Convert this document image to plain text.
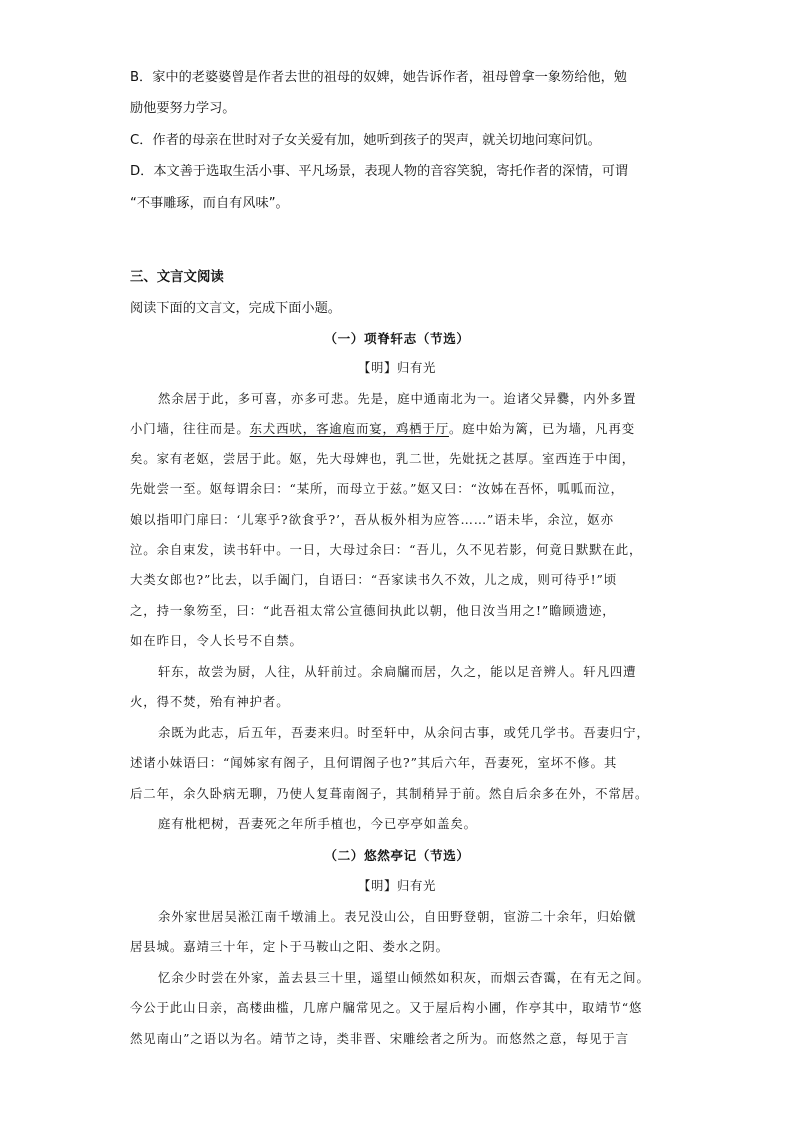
B．家中的老婆婆曾是作者去世的祖母的奴婢，她告诉作者，祖母曾拿一象笏给他，勉
励他要努力学习。
C．作者的母亲在世时对子女关爱有加，她听到孩子的哭声，就关切地问寒问饥。
D．本文善于选取生活小事、平凡场景，表现人物的音容笑貌，寄托作者的深情，可谓
“不事雕琢，而自有风味”。
三、文言文阅读
阅读下面的文言文，完成下面小题。
（一）项脊轩志（节选）
【明】归有光
然余居于此，多可喜，亦多可悲。先是，庭中通南北为一。迨诸父异爨，内外多置
小门墙，往往而是。东犬西吠，客逾庖而宴，鸡栖于厅。庭中始为篱，已为墙，凡再变
矣。家有老妪，尝居于此。妪，先大母婢也，乳二世，先妣抚之甚厚。室西连于中闺，
先妣尝一至。妪每谓余曰：“某所，而母立于兹。”妪又曰：“汝姊在吾怀，呱呱而泣，
娘以指叩门扉曰：‘儿寒乎?欲食乎?’，吾从板外相为应答……”语未毕，余泣，妪亦
泣。余自束发，读书轩中。一日，大母过余曰：“吾儿，久不见若影，何竟日默默在此，
大类女郎也?”比去，以手阖门，自语曰：“吾家读书久不效，儿之成，则可待乎!”顷
之，持一象笏至，曰：“此吾祖太常公宣德间执此以朝，他日汝当用之!”瞻顾遗迹，
如在昨日，令人长号不自禁。
轩东，故尝为厨，人往，从轩前过。余扃牖而居，久之，能以足音辨人。轩凡四遭
火，得不焚，殆有神护者。
余既为此志，后五年，吾妻来归。时至轩中，从余问古事，或凭几学书。吾妻归宁，
述诸小妹语曰：“闻姊家有阁子，且何谓阁子也?”其后六年，吾妻死，室坏不修。其
后二年，余久卧病无聊，乃使人复葺南阁子，其制稍异于前。然自后余多在外，不常居。
庭有枇杷树，吾妻死之年所手植也，今已亭亭如盖矣。
（二）悠然亭记（节选）
【明】归有光
余外家世居吴淞江南千墩浦上。表兄没山公，自田野登朝，宦游二十余年，归始僦
居县城。嘉靖三十年，定卜于马鞍山之阳、娄水之阴。
忆余少时尝在外家，盖去县三十里，遥望山倾然如积灰，而烟云杳霭，在有无之间。
今公于此山日亲，高楼曲槛，几席户牖常见之。又于屋后构小圃，作亭其中，取靖节“悠
然见南山”之语以为名。靖节之诗，类非晋、宋雕绘者之所为。而悠然之意，每见于言
